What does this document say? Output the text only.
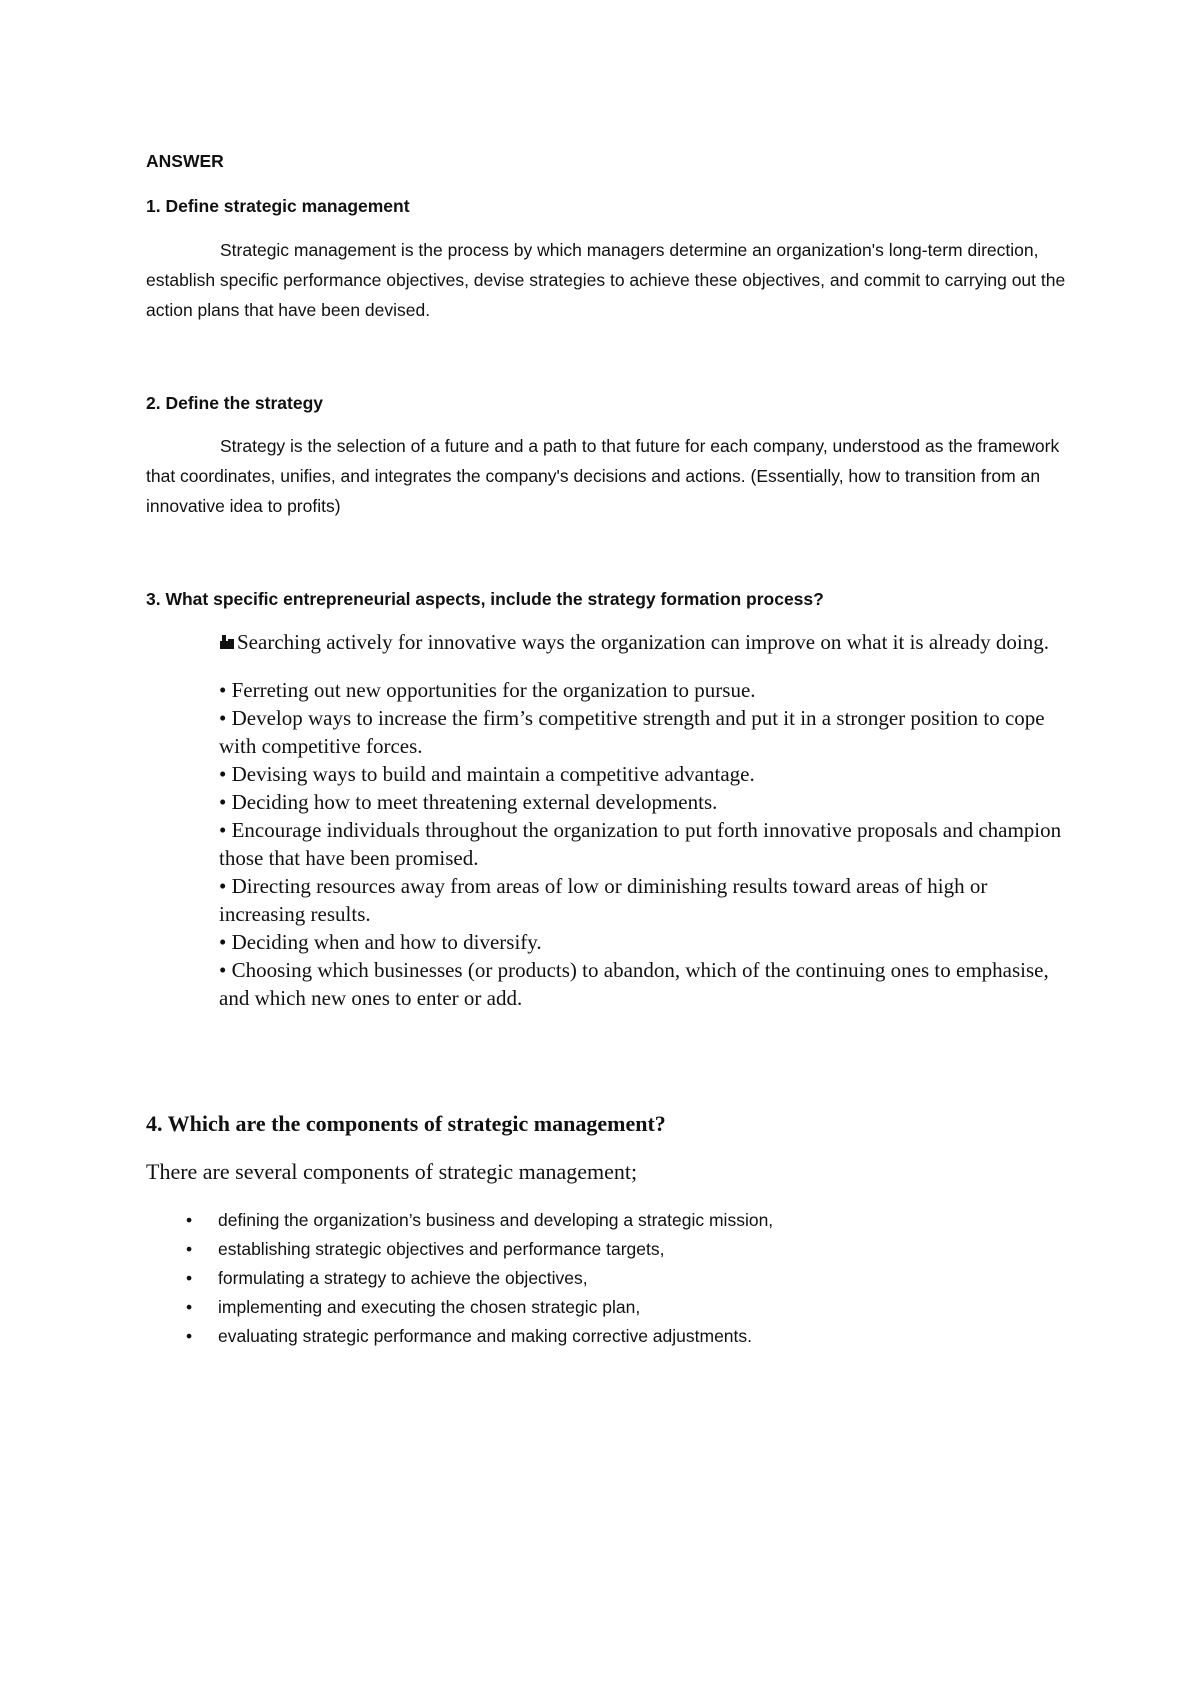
ANSWER
1. Define strategic management
Strategic management is the process by which managers determine an organization's long-term direction, establish specific performance objectives, devise strategies to achieve these objectives, and commit to carrying out the action plans that have been devised.
2. Define the strategy
Strategy is the selection of a future and a path to that future for each company, understood as the framework that coordinates, unifies, and integrates the company's decisions and actions. (Essentially, how to transition from an innovative idea to profits)
3. What specific entrepreneurial aspects, include the strategy formation process?
Searching actively for innovative ways the organization can improve on what it is already doing.
• Ferreting out new opportunities for the organization to pursue.
• Develop ways to increase the firm’s competitive strength and put it in a stronger position to cope with competitive forces.
• Devising ways to build and maintain a competitive advantage.
• Deciding how to meet threatening external developments.
• Encourage individuals throughout the organization to put forth innovative proposals and champion those that have been promised.
• Directing resources away from areas of low or diminishing results toward areas of high or increasing results.
• Deciding when and how to diversify.
• Choosing which businesses (or products) to abandon, which of the continuing ones to emphasise, and which new ones to enter or add.
4. Which are the components of strategic management?
There are several components of strategic management;
• defining the organization’s business and developing a strategic mission,
• establishing strategic objectives and performance targets,
• formulating a strategy to achieve the objectives,
• implementing and executing the chosen strategic plan,
• evaluating strategic performance and making corrective adjustments.
